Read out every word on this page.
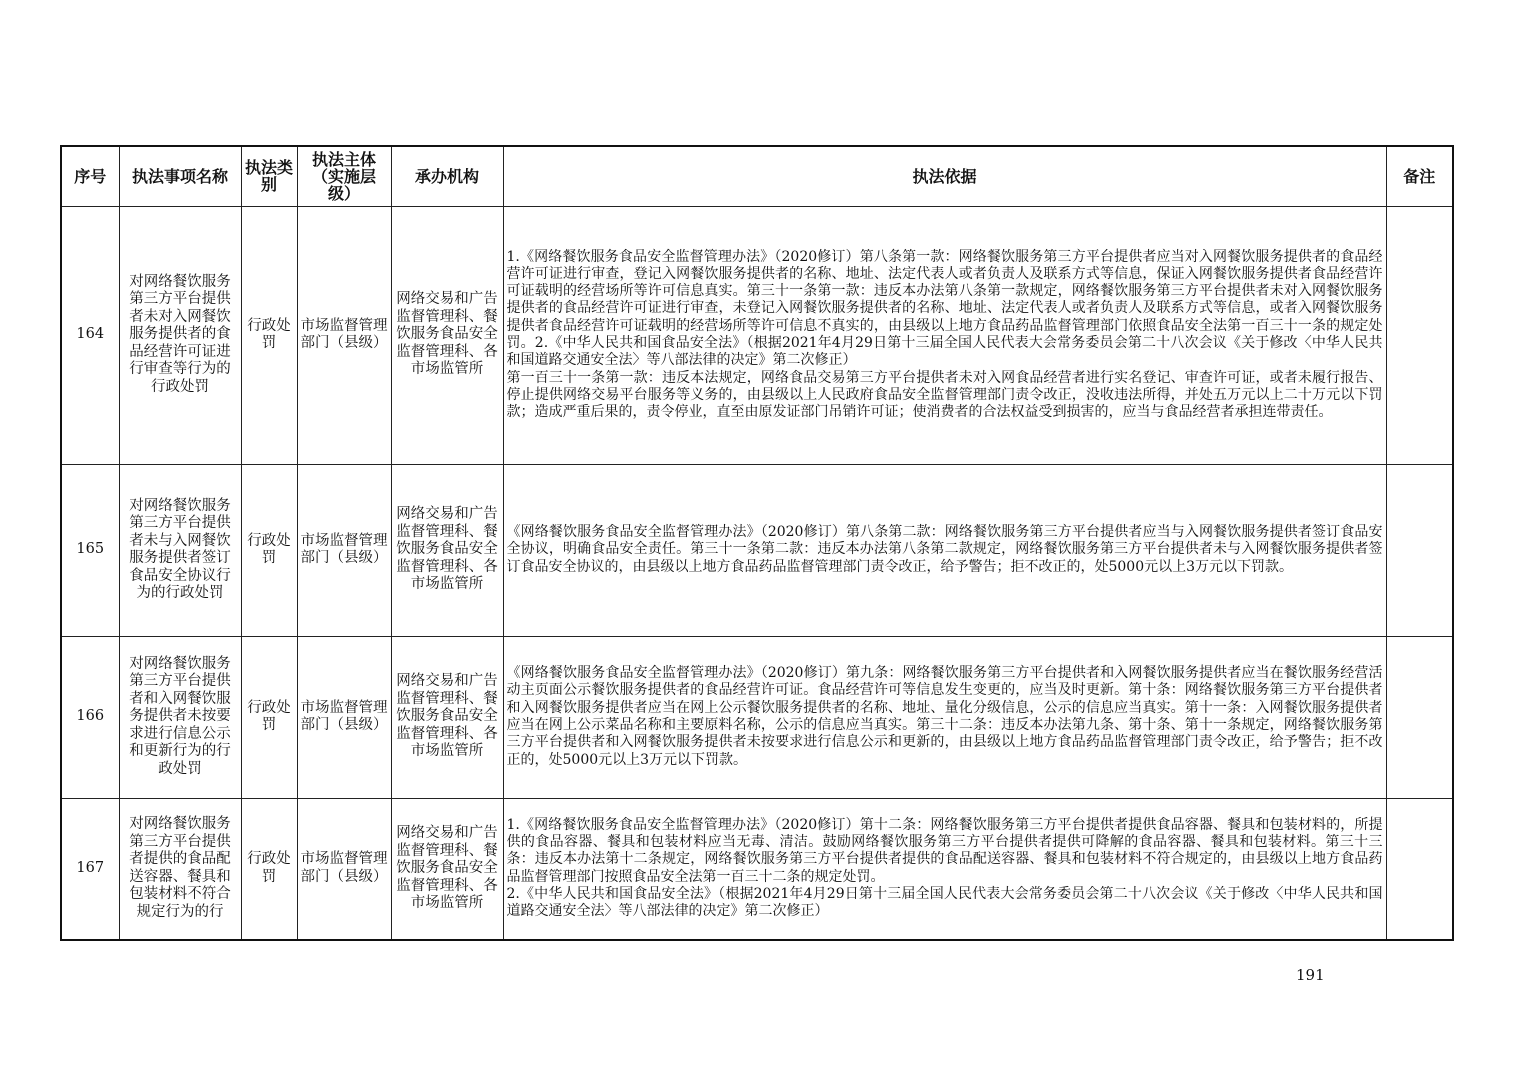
序号	执法事项名称	执法类别	执法主体（实施层级）	承办机构	执法依据	备注
164	对网络餐饮服务第三方平台提供者未对入网餐饮服务提供者的食品经营许可证进行审查等行为的行政处罚	行政处罚	市场监督管理部门（县级）	网络交易和广告监督管理科、餐饮服务食品安全监督管理科、各市场监管所	1.《网络餐饮服务食品安全监督管理办法》（2020修订）第八条第一款：网络餐饮服务第三方平台提供者应当对入网餐饮服务提供者的食品经营许可证进行审查，登记入网餐饮服务提供者的名称、地址、法定代表人或者负责人及联系方式等信息，保证入网餐饮服务提供者食品经营许可证载明的经营场所等许可信息真实。第三十一条第一款：违反本办法第八条第一款规定，网络餐饮服务第三方平台提供者未对入网餐饮服务提供者的食品经营许可证进行审查，未登记入网餐饮服务提供者的名称、地址、法定代表人或者负责人及联系方式等信息，或者入网餐饮服务提供者食品经营许可证载明的经营场所等许可信息不真实的，由县级以上地方食品药品监督管理部门依照食品安全法第一百三十一条的规定处罚。2.《中华人民共和国食品安全法》（根据2021年4月29日第十三届全国人民代表大会常务委员会第二十八次会议《关于修改〈中华人民共和国道路交通安全法〉等八部法律的决定》第二次修正）
第一百三十一条第一款：违反本法规定，网络食品交易第三方平台提供者未对入网食品经营者进行实名登记、审查许可证，或者未履行报告、停止提供网络交易平台服务等义务的，由县级以上人民政府食品安全监督管理部门责令改正，没收违法所得，并处五万元以上二十万元以下罚款；造成严重后果的，责令停业，直至由原发证部门吊销许可证；使消费者的合法权益受到损害的，应当与食品经营者承担连带责任。	

165	对网络餐饮服务第三方平台提供者未与入网餐饮服务提供者签订食品安全协议行为的行政处罚	行政处罚	市场监督管理部门（县级）	网络交易和广告监督管理科、餐饮服务食品安全监督管理科、各市场监管所	《网络餐饮服务食品安全监督管理办法》（2020修订）第八条第二款：网络餐饮服务第三方平台提供者应当与入网餐饮服务提供者签订食品安全协议，明确食品安全责任。第三十一条第二款：违反本办法第八条第二款规定，网络餐饮服务第三方平台提供者未与入网餐饮服务提供者签订食品安全协议的，由县级以上地方食品药品监督管理部门责令改正，给予警告；拒不改正的，处5000元以上3万元以下罚款。	

166	对网络餐饮服务第三方平台提供者和入网餐饮服务提供者未按要求进行信息公示和更新行为的行政处罚	行政处罚	市场监督管理部门（县级）	网络交易和广告监督管理科、餐饮服务食品安全监督管理科、各市场监管所	《网络餐饮服务食品安全监督管理办法》（2020修订）第九条：网络餐饮服务第三方平台提供者和入网餐饮服务提供者应当在餐饮服务经营活动主页面公示餐饮服务提供者的食品经营许可证。食品经营许可等信息发生变更的，应当及时更新。第十条：网络餐饮服务第三方平台提供者和入网餐饮服务提供者应当在网上公示餐饮服务提供者的名称、地址、量化分级信息，公示的信息应当真实。第十一条：入网餐饮服务提供者应当在网上公示菜品名称和主要原料名称，公示的信息应当真实。第三十二条：违反本办法第九条、第十条、第十一条规定，网络餐饮服务第三方平台提供者和入网餐饮服务提供者未按要求进行信息公示和更新的，由县级以上地方食品药品监督管理部门责令改正，给予警告；拒不改正的，处5000元以上3万元以下罚款。	

167	对网络餐饮服务第三方平台提供者提供的食品配送容器、餐具和包装材料不符合规定行为的行	行政处罚	市场监督管理部门（县级）	网络交易和广告监督管理科、餐饮服务食品安全监督管理科、各市场监管所	1.《网络餐饮服务食品安全监督管理办法》（2020修订）第十二条：网络餐饮服务第三方平台提供者提供食品容器、餐具和包装材料的，所提供的食品容器、餐具和包装材料应当无毒、清洁。鼓励网络餐饮服务第三方平台提供者提供可降解的食品容器、餐具和包装材料。第三十三条：违反本办法第十二条规定，网络餐饮服务第三方平台提供者提供的食品配送容器、餐具和包装材料不符合规定的，由县级以上地方食品药品监督管理部门按照食品安全法第一百三十二条的规定处罚。
2.《中华人民共和国食品安全法》（根据2021年4月29日第十三届全国人民代表大会常务委员会第二十八次会议《关于修改〈中华人民共和国道路交通安全法〉等八部法律的决定》第二次修正）	

191
